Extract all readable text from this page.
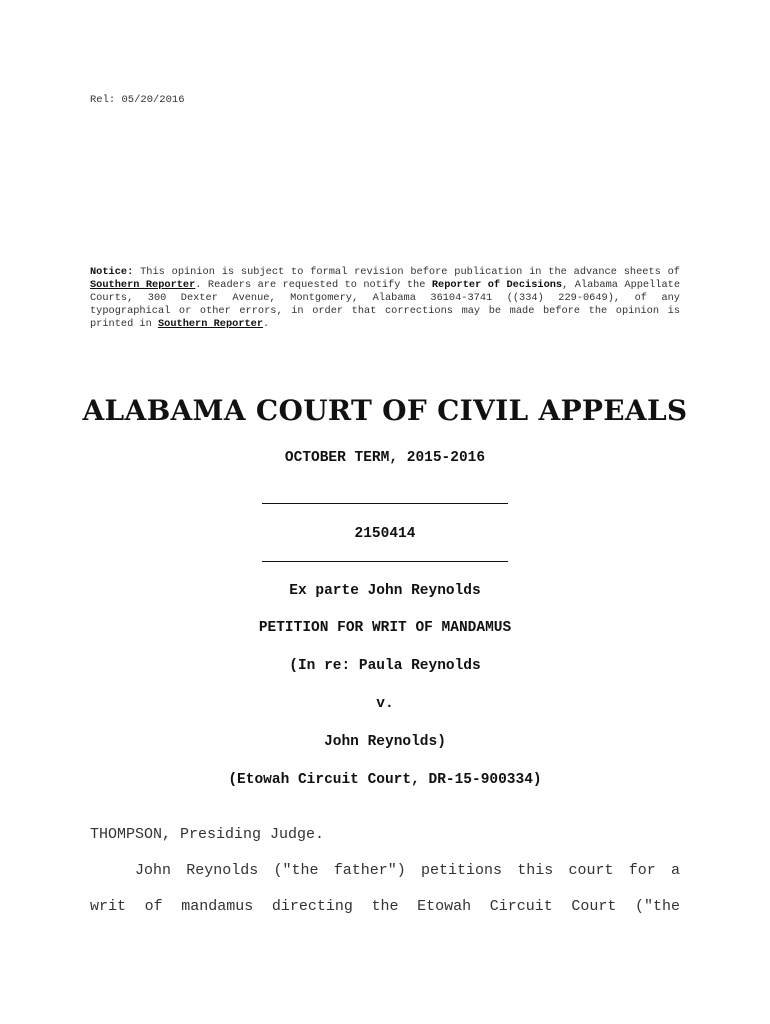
Rel: 05/20/2016
Notice: This opinion is subject to formal revision before publication in the advance sheets of Southern Reporter. Readers are requested to notify the Reporter of Decisions, Alabama Appellate Courts, 300 Dexter Avenue, Montgomery, Alabama 36104-3741 ((334) 229-0649), of any typographical or other errors, in order that corrections may be made before the opinion is printed in Southern Reporter.
ALABAMA COURT OF CIVIL APPEALS
OCTOBER TERM, 2015-2016
2150414
Ex parte John Reynolds
PETITION FOR WRIT OF MANDAMUS
(In re: Paula Reynolds
v.
John Reynolds)
(Etowah Circuit Court, DR-15-900334)
THOMPSON, Presiding Judge.
John Reynolds ("the father") petitions this court for a
writ of mandamus directing the Etowah Circuit Court ("the
